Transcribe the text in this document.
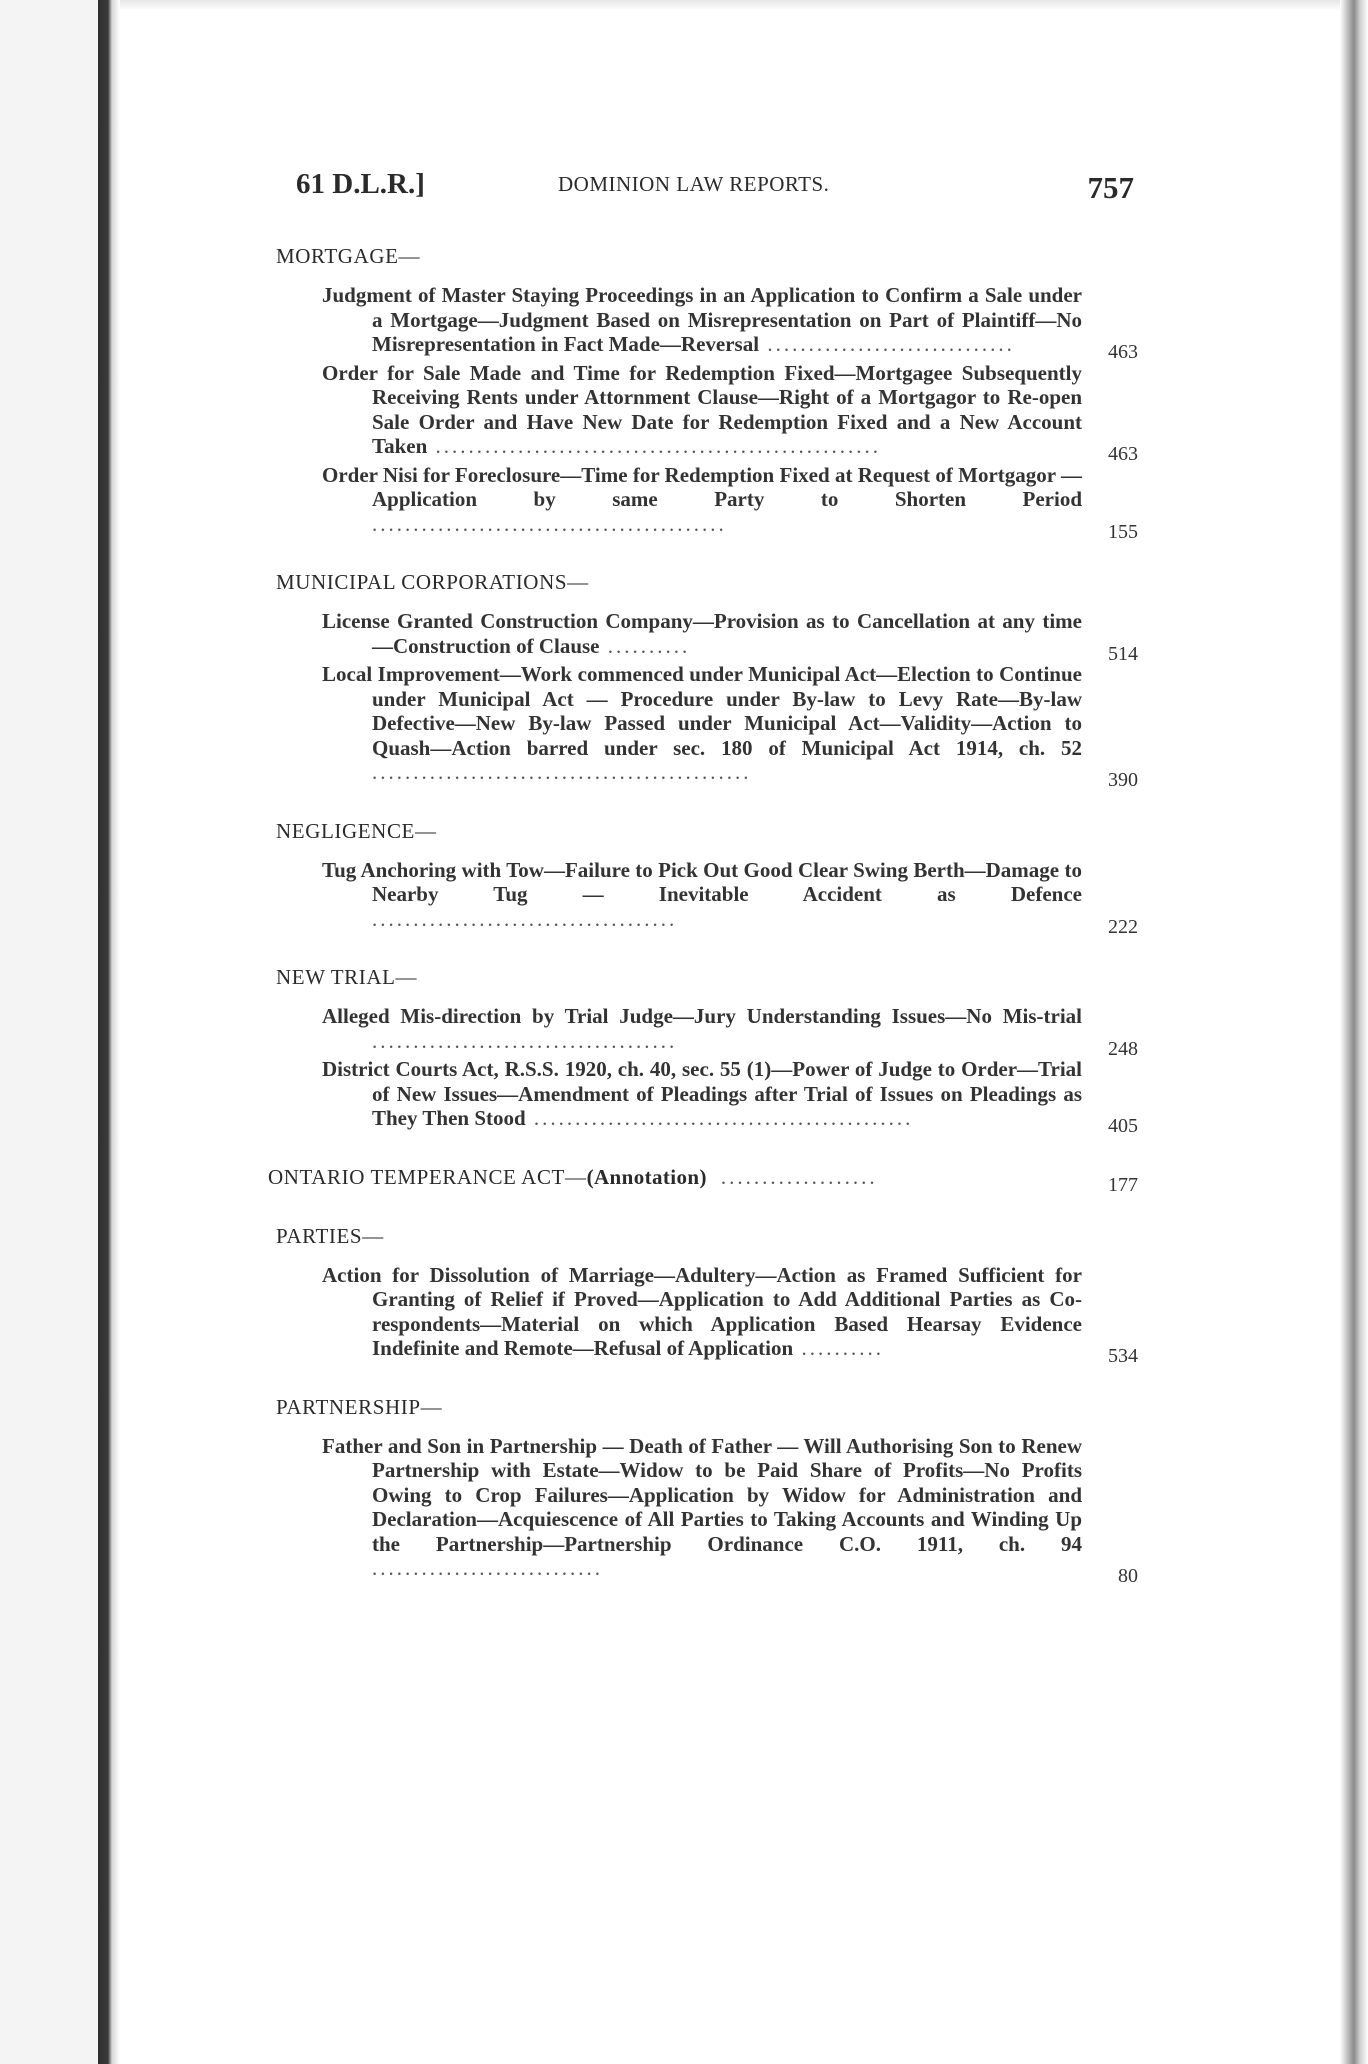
61 D.L.R.]	DOMINION LAW REPORTS.	757
MORTGAGE—
Judgment of Master Staying Proceedings in an Application to Confirm a Sale under a Mortgage—Judgment Based on Misrepresentation on Part of Plaintiff—No Misrepresentation in Fact Made—Reversal ..............................	463
Order for Sale Made and Time for Redemption Fixed—Mortgagee Subsequently Receiving Rents under Attornment Clause—Right of a Mortgagor to Re-open Sale Order and Have New Date for Redemption Fixed and a New Account Taken ......................................................	463
Order Nisi for Foreclosure—Time for Redemption Fixed at Request of Mortgagor — Application by same Party to Shorten Period ...........................................	155
MUNICIPAL CORPORATIONS—
License Granted Construction Company—Provision as to Cancellation at any time—Construction of Clause ..........	514
Local Improvement—Work commenced under Municipal Act—Election to Continue under Municipal Act — Procedure under By-law to Levy Rate—By-law Defective—New By-law Passed under Municipal Act—Validity—Action to Quash—Action barred under sec. 180 of Municipal Act 1914, ch. 52 ..............................................	390
NEGLIGENCE—
Tug Anchoring with Tow—Failure to Pick Out Good Clear Swing Berth—Damage to Nearby Tug — Inevitable Accident as Defence .....................................	222
NEW TRIAL—
Alleged Mis-direction by Trial Judge—Jury Understanding Issues—No Mis-trial .....................................	248
District Courts Act, R.S.S. 1920, ch. 40, sec. 55 (1)—Power of Judge to Order—Trial of New Issues—Amendment of Pleadings after Trial of Issues on Pleadings as They Then Stood ..............................................	405
ONTARIO TEMPERANCE ACT— (Annotation) ...................	177
PARTIES—
Action for Dissolution of Marriage—Adultery—Action as Framed Sufficient for Granting of Relief if Proved—Application to Add Additional Parties as Co-respondents—Material on which Application Based Hearsay Evidence Indefinite and Remote—Refusal of Application ..........	534
PARTNERSHIP—
Father and Son in Partnership — Death of Father — Will Authorising Son to Renew Partnership with Estate—Widow to be Paid Share of Profits—No Profits Owing to Crop Failures—Application by Widow for Administration and Declaration—Acquiescence of All Parties to Taking Accounts and Winding Up the Partnership—Partnership Ordinance C.O. 1911, ch. 94 ............................	80
